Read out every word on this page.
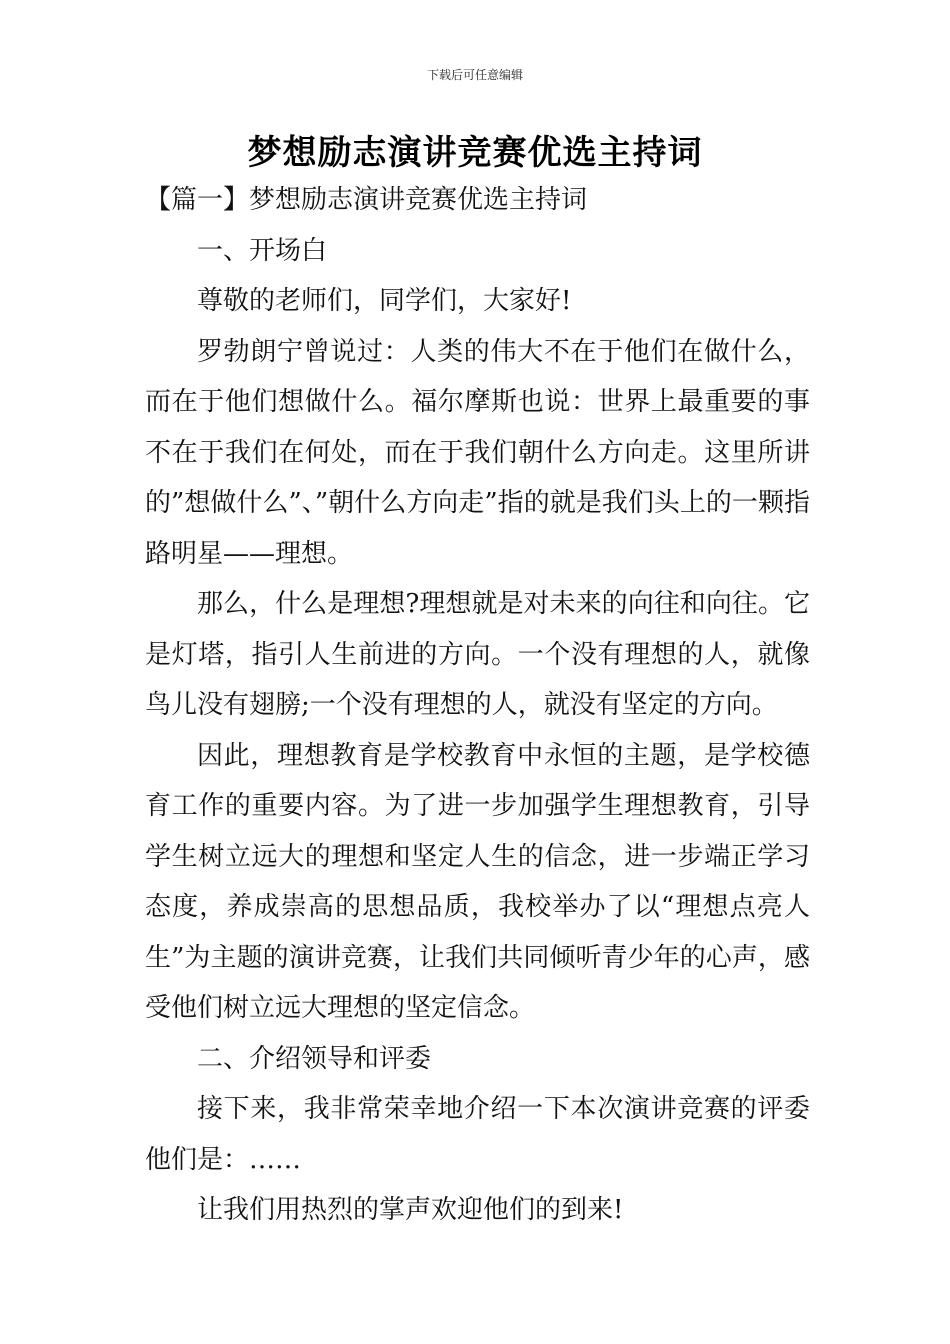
下载后可任意编辑
梦想励志演讲竞赛优选主持词

【篇一】梦想励志演讲竞赛优选主持词

一、开场白

尊敬的老师们，同学们，大家好!

罗勃朗宁曾说过：人类的伟大不在于他们在做什么，而在于他们想做什么。福尔摩斯也说：世界上最重要的事不在于我们在何处，而在于我们朝什么方向走。这里所讲的”想做什么”、”朝什么方向走”指的就是我们头上的一颗指路明星——理想。

那么，什么是理想?理想就是对未来的向往和向往。它是灯塔，指引人生前进的方向。一个没有理想的人，就像鸟儿没有翅膀;一个没有理想的人，就没有坚定的方向。

因此，理想教育是学校教育中永恒的主题，是学校德育工作的重要内容。为了进一步加强学生理想教育，引导学生树立远大的理想和坚定人生的信念，进一步端正学习态度，养成崇高的思想品质，我校举办了以“理想点亮人生”为主题的演讲竞赛，让我们共同倾听青少年的心声，感受他们树立远大理想的坚定信念。

二、介绍领导和评委

接下来，我非常荣幸地介绍一下本次演讲竞赛的评委他们是：……

让我们用热烈的掌声欢迎他们的到来!
